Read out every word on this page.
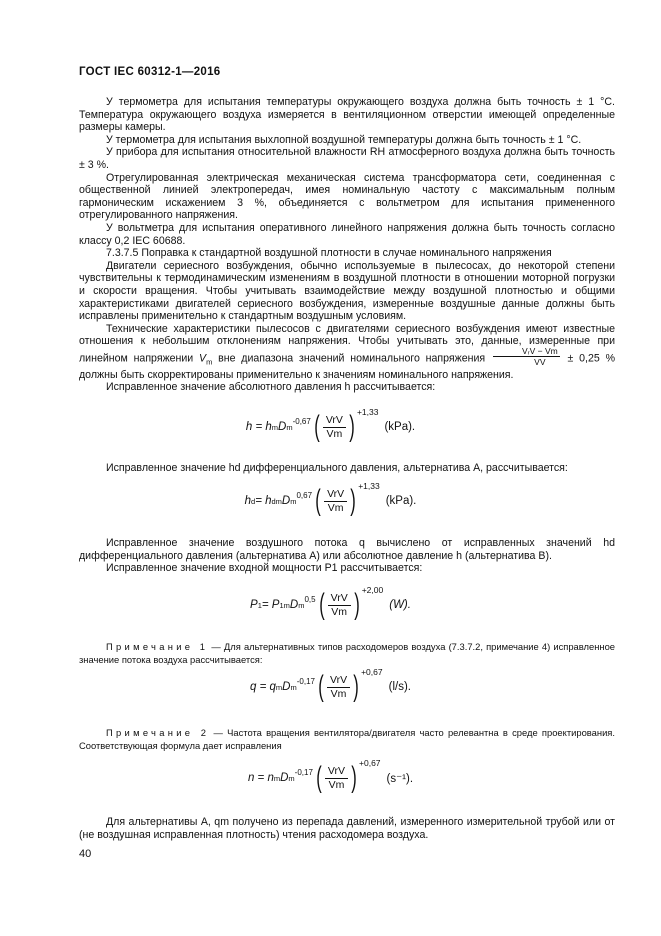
ГОСТ IEC 60312-1—2016

У термометра для испытания температуры окружающего воздуха должна быть точность ± 1 °С. Температура окружающего воздуха измеряется в вентиляционном отверстии имеющей определенные размеры камеры.

У термометра для испытания выхлопной воздушной температуры должна быть точность ± 1 °С.

У прибора для испытания относительной влажности RH атмосферного воздуха должна быть точность ± 3 %.

Отрегулированная электрическая механическая система трансформатора сети, соединенная с общественной линией электропередач, имея номинальную частоту с максимальным полным гармоническим искажением 3 %, объединяется с вольтметром для испытания примененного отрегулированного напряжения.

У вольтметра для испытания оперативного линейного напряжения должна быть точность согласно классу 0,2 IEC 60688.

7.3.7.5 Поправка к стандартной воздушной плотности в случае номинального напряжения

Двигатели сериесного возбуждения, обычно используемые в пылесосах, до некоторой степени чувствительны к термодинамическим изменениям в воздушной плотности в отношении моторной погрузки и скорости вращения. Чтобы учитывать взаимодействие между воздушной плотностью и общими характеристиками двигателей сериесного возбуждения, измеренные воздушные данные должны быть исправлены применительно к стандартным воздушным условиям.

Технические характеристики пылесосов с двигателями сериесного возбуждения имеют известные отношения к небольшим отклонениям напряжения. Чтобы учитывать это, данные, измеренные при линейном напряжении $V_m$ вне диапазона значений номинального напряжения $\frac{\text{VᵣV − Vm}}{VV} \pm 0,25$ % должны быть скорректированы применительно к значениям номинального напряжения.

Исправленное значение абсолютного давления h рассчитывается:

h = h m D m
-0,67 ( $\frac{\text{VrV}}{Vm}$ ) +1,33
(kPa).

Исправленное значение hd дифференциального давления, альтернатива А, рассчитывается:

h d = h dm D m
0,67 ( $\frac{\text{VrV}}{Vm}$ ) +1,33
(kPa).

Исправленное значение воздушного потока q вычислено от исправленных значений hd дифференциального давления (альтернатива А) или абсолютное давление h (альтернатива В).

Исправленное значение входной мощности P1 рассчитывается:

P 1 = P 1m D m
0,5 ( $\frac{\text{VrV}}{Vm}$ ) +2,00
(W).

Примечание 1 — Для альтернативных типов расходомеров воздуха (7.3.7.2, примечание 4) исправленное значение потока воздуха рассчитывается:

q = q m D m
-0,17 ( $\frac{\text{VrV}}{Vm}$ ) +0,67
(l/s).

Примечание 2 — Частота вращения вентилятора/двигателя часто релевантна в среде проектирования. Соответствующая формула дает исправления

n = n m D m
-0,17 ( $\frac{\text{VrV}}{Vm}$ ) +0,67
(s⁻¹).

Для альтернативы А, qm получено из перепада давлений, измеренного измерительной трубой или от (не воздушная исправленная плотность) чтения расходомера воздуха.

40
